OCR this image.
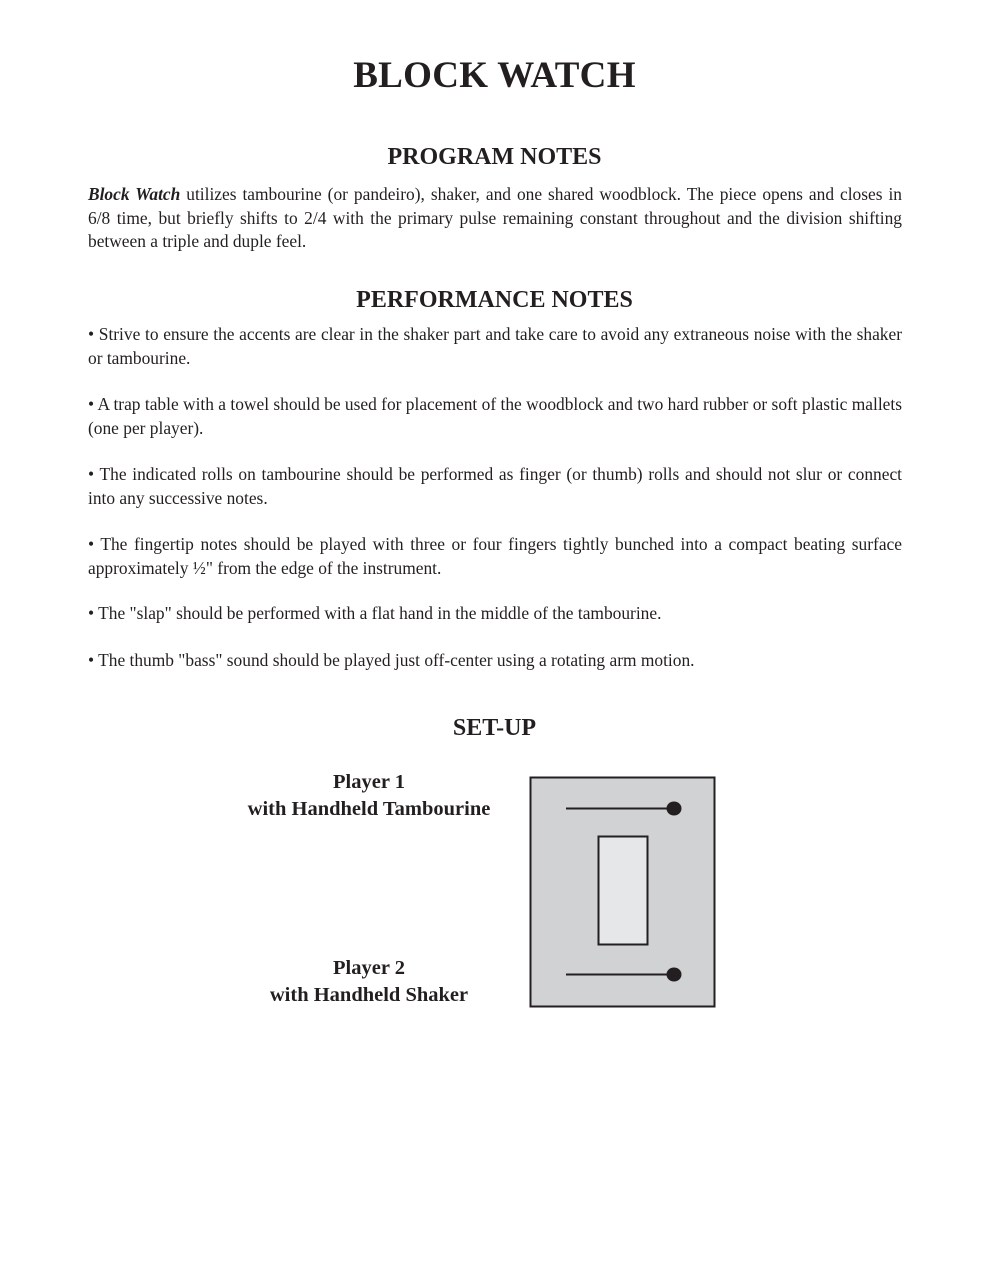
BLOCK WATCH
PROGRAM NOTES

Block Watch utilizes tambourine (or pandeiro), shaker, and one shared woodblock. The piece opens and closes in 6/8 time, but briefly shifts to 2/4 with the primary pulse remaining constant throughout and the division shifting between a triple and duple feel.

PERFORMANCE NOTES

• Strive to ensure the accents are clear in the shaker part and take care to avoid any extraneous noise with the shaker or tambourine.

• A trap table with a towel should be used for placement of the woodblock and two hard rubber or soft plastic mallets (one per player).

• The indicated rolls on tambourine should be performed as finger (or thumb) rolls and should not slur or connect into any successive notes.

• The fingertip notes should be played with three or four fingers tightly bunched into a compact beating surface approximately ½" from the edge of the instrument.

• The "slap" should be performed with a flat hand in the middle of the tambourine.

• The thumb "bass" sound should be played just off-center using a rotating arm motion.

SET-UP
Player 1
with Handheld Tambourine
Player 2
with Handheld Shaker
